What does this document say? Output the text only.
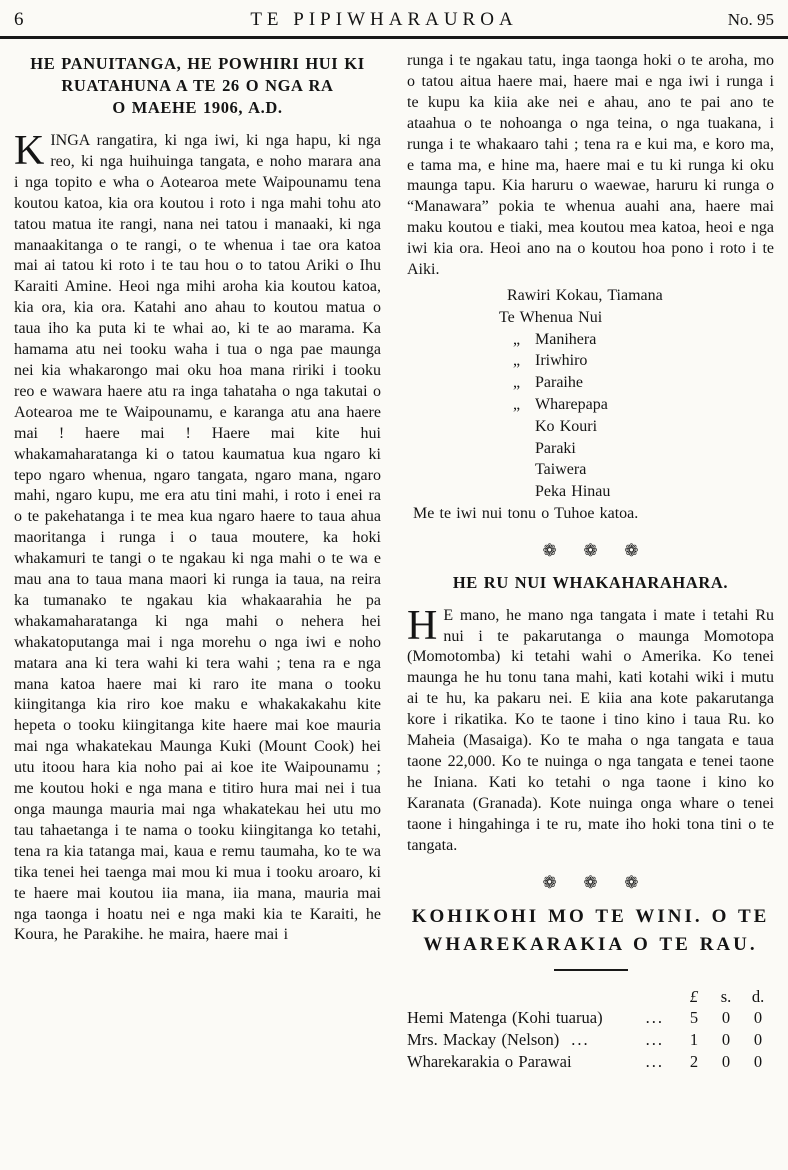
6	TE PIPIWHARAUROA	No. 95
HE PANUITANGA, HE POWHIRI HUI KI
RUATAHUNA A TE 26 O NGA RA
O MAEHE 1906, A.D.

KINGA rangatira, ki nga iwi, ki nga hapu, ki nga reo, ki nga huihuinga tangata, e noho marara ana i nga topito e wha o Aotearoa mete Waipounamu tena koutou katoa, kia ora koutou i roto i nga mahi tohu ato tatou matua ite rangi, nana nei tatou i manaaki, ki nga manaakitanga o te rangi, o te whenua i tae ora katoa mai ai tatou ki roto i te tau hou o to tatou Ariki o Ihu Karaiti Amine. Heoi nga mihi aroha kia koutou katoa, kia ora, kia ora. Katahi ano ahau to koutou matua o taua iho ka puta ki te whai ao, ki te ao marama. Ka hamama atu nei tooku waha i tua o nga pae maunga nei kia whakarongo mai oku hoa mana ririki i tooku reo e wawara haere atu ra inga tahataha o nga takutai o Aotearoa me te Waipounamu, e karanga atu ana haere mai ! haere mai ! Haere mai kite hui whakamaharatanga ki o tatou kaumatua kua ngaro ki tepo ngaro whenua, ngaro tangata, ngaro mana, ngaro mahi, ngaro kupu, me era atu tini mahi, i roto i enei ra o te pakehatanga i te mea kua ngaro haere to taua ahua maoritanga i runga i o taua moutere, ka hoki whakamuri te tangi o te ngakau ki nga mahi o te wa e mau ana to taua mana maori ki runga ia taua, na reira ka tumanako te ngakau kia whakaarahia he pa whakamaharatanga ki nga mahi o nehera hei whakatoputanga mai i nga morehu o nga iwi e noho matara ana ki tera wahi ki tera wahi ; tena ra e nga mana katoa haere mai ki raro ite mana o tooku kiingitanga kia riro koe maku e whakakakahu kite hepeta o tooku kiingitanga kite haere mai koe mauria mai nga whakatekau Maunga Kuki (Mount Cook) hei utu itoou hara kia noho pai ai koe ite Waipounamu ; me koutou hoki e nga mana e titiro hura mai nei i tua onga maunga mauria mai nga whakatekau hei utu mo tau tahaetanga i te nama o tooku kiingitanga ko tetahi, tena ra kia tatanga mai, kaua e remu taumaha, ko te wa tika tenei hei taenga mai mou ki mua i tooku aroaro, ki te haere mai koutou iia mana, iia mana, mauria mai nga taonga i hoatu nei e nga maki kia te Karaiti, he Koura, he Parakihe. he maira, haere mai i

runga i te ngakau tatu, inga taonga hoki o te aroha, mo o tatou aitua haere mai, haere mai e nga iwi i runga i te kupu ka kiia ake nei e ahau, ano te pai ano te ataahua o te nohoanga o nga teina, o nga tuakana, i runga i te whakaaro tahi ; tena ra e kui ma, e koro ma, e tama ma, e hine ma, haere mai e tu ki runga ki oku maunga tapu. Kia haruru o waewae, haruru ki runga o “Manawara” pokia te whenua auahi ana, haere mai maku koutou e tiaki, mea koutou mea katoa, heoi e nga iwi kia ora. Heoi ano na o koutou hoa pono i roto i te Aiki.

Rawiri Kokau, Tiamana
Te Whenua Nui
„ Manihera
„ Iriwhiro
„ Paraihe
„ Wharepapa
Ko Kouri
Paraki
Taiwera
Peka Hinau
Me te iwi nui tonu o Tuhoe katoa.
❁ ❁ ❁
HE RU NUI WHAKAHARAHARA.

H E mano, he mano nga tangata i mate i tetahi Ru nui i te pakarutanga o maunga Momotopa (Momotomba) ki tetahi wahi o Amerika. Ko tenei maunga he hu tonu tana mahi, kati kotahi wiki i mutu ai te hu, ka pakaru nei. E kiia ana kote pakarutanga kore i rikatika. Ko te taone i tino kino i taua Ru. ko Maheia (Masaiga). Ko te maha o nga tangata e taua taone 22,000. Ko te nuinga o nga tangata e tenei taone he Iniana. Kati ko tetahi o nga taone i kino ko Karanata (Granada). Kote nuinga onga whare o tenei taone i hingahinga i te ru, mate iho hoki tona tini o te tangata.

❁ ❁ ❁
KOHIKOHI MO TE WINI. O TE
WHAREKARAKIA O TE RAU.
£	s.	d.
Hemi Matenga (Kohi tuarua)	...	5	0	0
Mrs. Mackay (Nelson) ...	...	1	0	0
Wharekarakia o Parawai	...	2	0	0
